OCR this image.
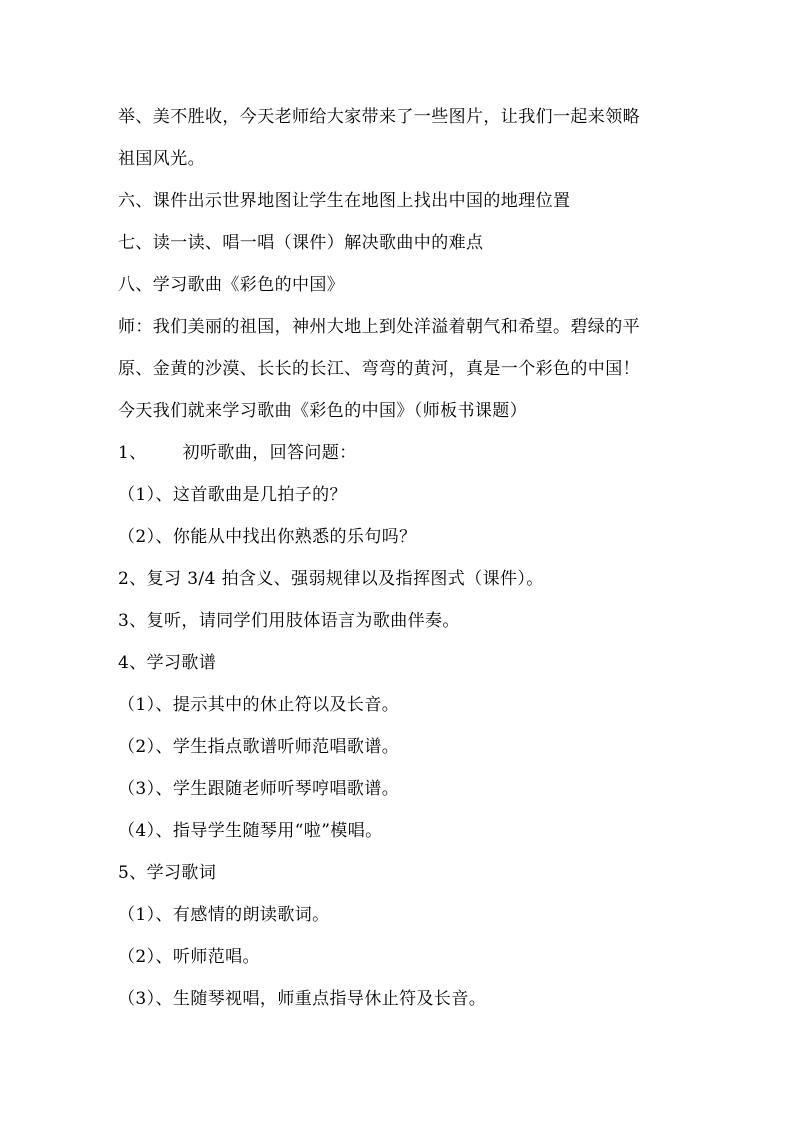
举、美不胜收，今天老师给大家带来了一些图片，让我们一起来领略
祖国风光。
六、课件出示世界地图让学生在地图上找出中国的地理位置
七、读一读、唱一唱（课件）解决歌曲中的难点
八、学习歌曲《彩色的中国》
师：我们美丽的祖国，神州大地上到处洋溢着朝气和希望。碧绿的平
原、金黄的沙漠、长长的长江、弯弯的黄河，真是一个彩色的中国！
今天我们就来学习歌曲《彩色的中国》（师板书课题）
1、 初听歌曲，回答问题：
（1）、这首歌曲是几拍子的？
（2）、你能从中找出你熟悉的乐句吗？
2、复习 3/4 拍含义、强弱规律以及指挥图式（课件）。
3、复听，请同学们用肢体语言为歌曲伴奏。
4、学习歌谱
（1）、提示其中的休止符以及长音。
（2）、学生指点歌谱听师范唱歌谱。
（3）、学生跟随老师听琴哼唱歌谱。
（4）、指导学生随琴用“啦”模唱。
5、学习歌词
（1）、有感情的朗读歌词。
（2）、听师范唱。
（3）、生随琴视唱，师重点指导休止符及长音。
